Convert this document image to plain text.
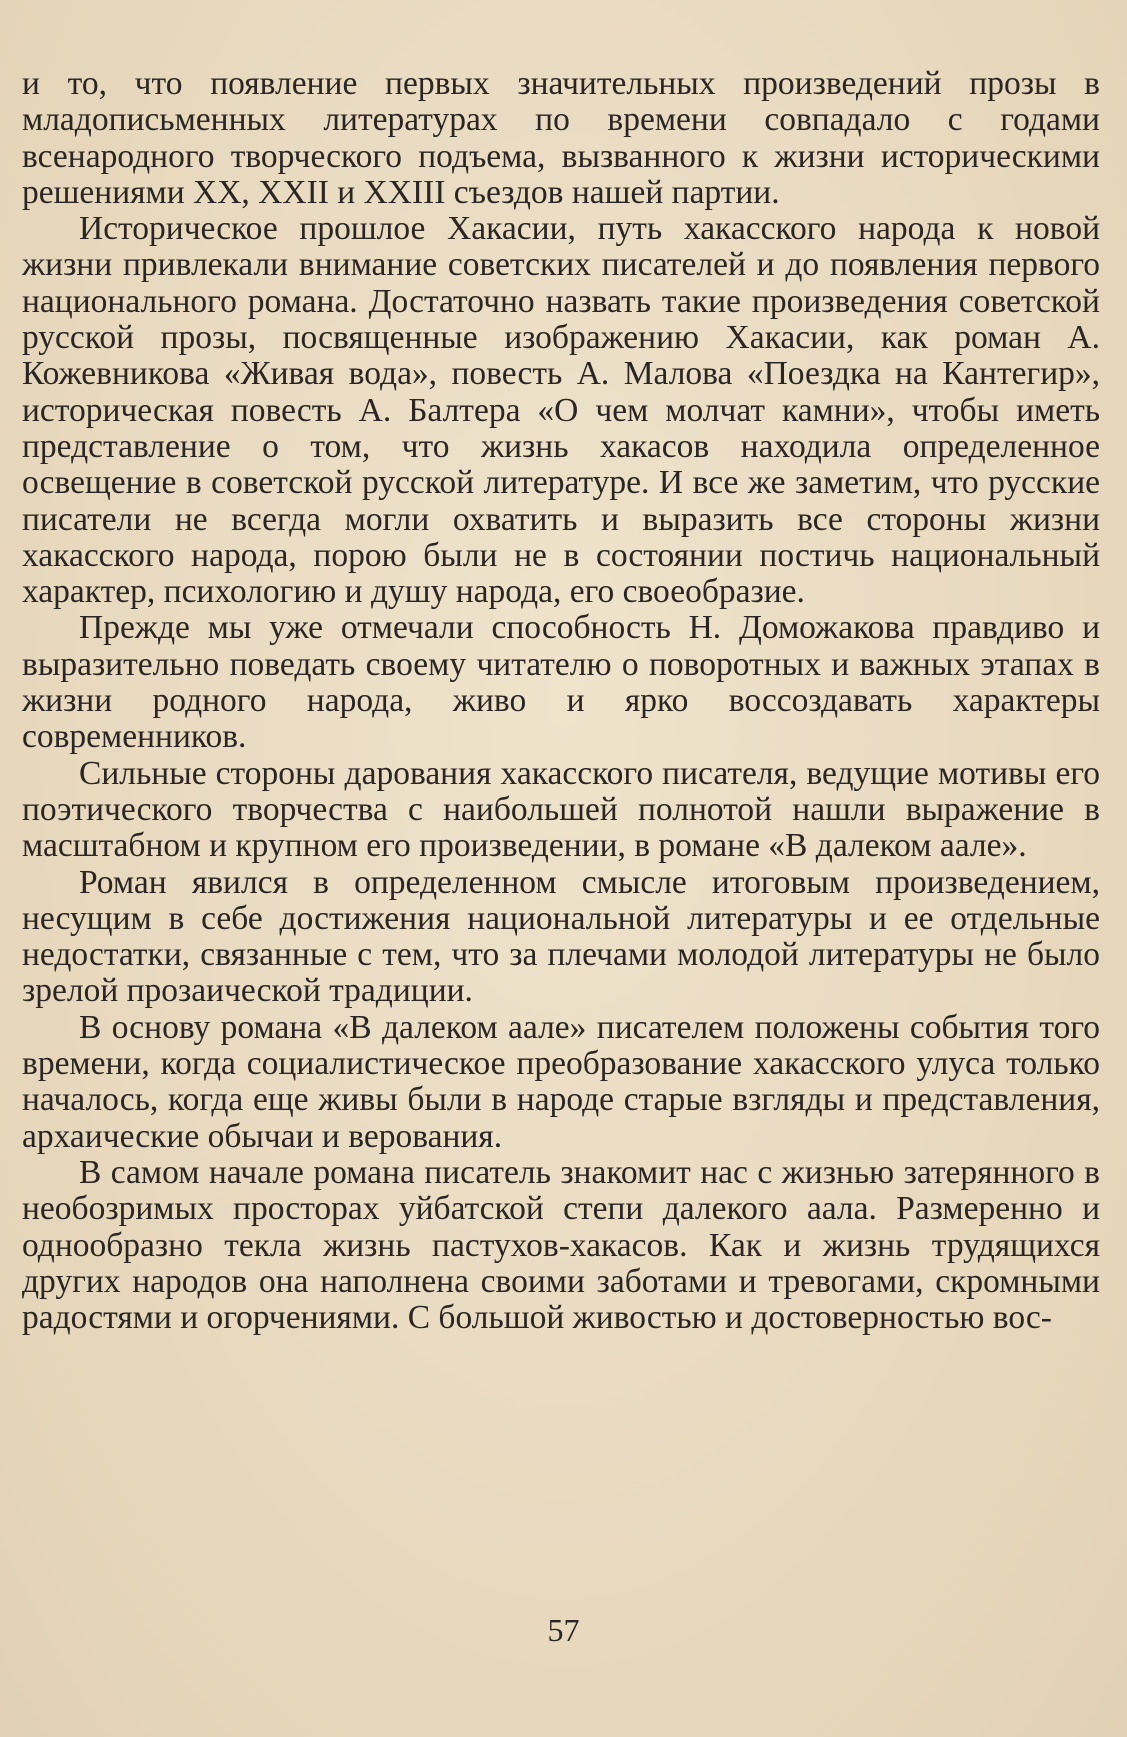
и то, что появление первых значительных произведений прозы в младописьменных литературах по времени совпадало с годами всенародного творческого подъема, вызванного к жизни историческими решениями XX, XXII и XXIII съездов нашей партии.

Историческое прошлое Хакасии, путь хакасского народа к новой жизни привлекали внимание советских писателей и до появления первого национального романа. Достаточно назвать такие произведения советской русской прозы, посвященные изображению Хакасии, как роман А. Кожевникова «Живая вода», повесть А. Малова «Поездка на Кантегир», историческая повесть А. Балтера «О чем молчат камни», чтобы иметь представление о том, что жизнь хакасов находила определенное освещение в советской русской литературе. И все же заметим, что русские писатели не всегда могли охватить и выразить все стороны жизни хакасского народа, порою были не в состоянии постичь национальный характер, психологию и душу народа, его своеобразие.

Прежде мы уже отмечали способность Н. Доможакова правдиво и выразительно поведать своему читателю о поворотных и важных этапах в жизни родного народа, живо и ярко воссоздавать характеры современников.

Сильные стороны дарования хакасского писателя, ведущие мотивы его поэтического творчества с наибольшей полнотой нашли выражение в масштабном и крупном его произведении, в романе «В далеком аале».

Роман явился в определенном смысле итоговым произведением, несущим в себе достижения национальной литературы и ее отдельные недостатки, связанные с тем, что за плечами молодой литературы не было зрелой прозаической традиции.

В основу романа «В далеком аале» писателем положены события того времени, когда социалистическое преобразование хакасского улуса только началось, когда еще живы были в народе старые взгляды и представления, архаические обычаи и верования.

В самом начале романа писатель знакомит нас с жизнью затерянного в необозримых просторах уйбатской степи далекого аала. Размеренно и однообразно текла жизнь пастухов-хакасов. Как и жизнь трудящихся других народов она наполнена своими заботами и тревогами, скромными радостями и огорчениями. С большой живостью и достоверностью вос-

57
